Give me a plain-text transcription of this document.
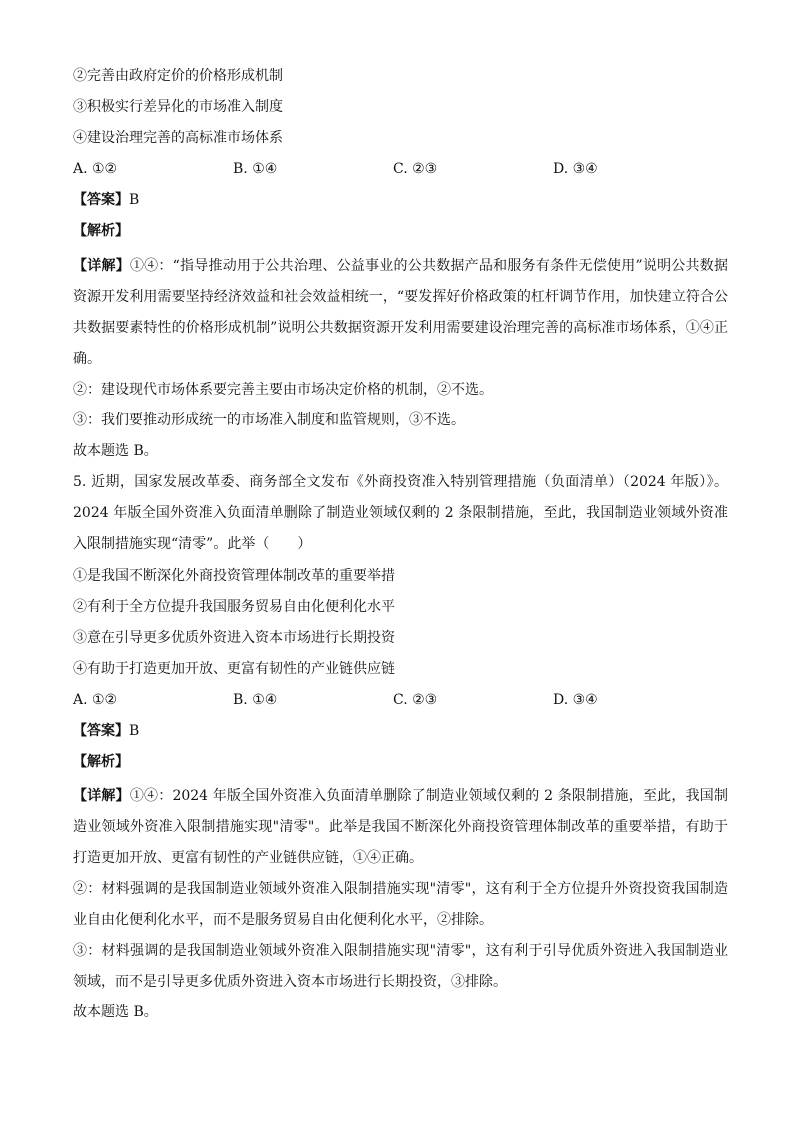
②完善由政府定价的价格形成机制
③积极实行差异化的市场准入制度
④建设治理完善的高标准市场体系
A. ①②	B. ①④	C. ②③	D. ③④
【答案】B
【解析】
【详解】①④：“指导推动用于公共治理、公益事业的公共数据产品和服务有条件无偿使用”说明公共数据资源开发利用需要坚持经济效益和社会效益相统一，“要发挥好价格政策的杠杆调节作用，加快建立符合公共数据要素特性的价格形成机制”说明公共数据资源开发利用需要建设治理完善的高标准市场体系，①④正确。
②：建设现代市场体系要完善主要由市场决定价格的机制，②不选。
③：我们要推动形成统一的市场准入制度和监管规则，③不选。
故本题选 B。
5. 近期，国家发展改革委、商务部全文发布《外商投资准入特别管理措施（负面清单）（2024 年版）》。2024 年版全国外资准入负面清单删除了制造业领域仅剩的 2 条限制措施，至此，我国制造业领域外资准入限制措施实现“清零”。此举（　　）
①是我国不断深化外商投资管理体制改革的重要举措
②有利于全方位提升我国服务贸易自由化便利化水平
③意在引导更多优质外资进入资本市场进行长期投资
④有助于打造更加开放、更富有韧性的产业链供应链
A. ①②	B. ①④	C. ②③	D. ③④
【答案】B
【解析】
【详解】①④：2024 年版全国外资准入负面清单删除了制造业领域仅剩的 2 条限制措施，至此，我国制造业领域外资准入限制措施实现"清零"。此举是我国不断深化外商投资管理体制改革的重要举措，有助于打造更加开放、更富有韧性的产业链供应链，①④正确。
②：材料强调的是我国制造业领域外资准入限制措施实现"清零"，这有利于全方位提升外资投资我国制造业自由化便利化水平，而不是服务贸易自由化便利化水平，②排除。
③：材料强调的是我国制造业领域外资准入限制措施实现"清零"，这有利于引导优质外资进入我国制造业领域，而不是引导更多优质外资进入资本市场进行长期投资，③排除。
故本题选 B。
